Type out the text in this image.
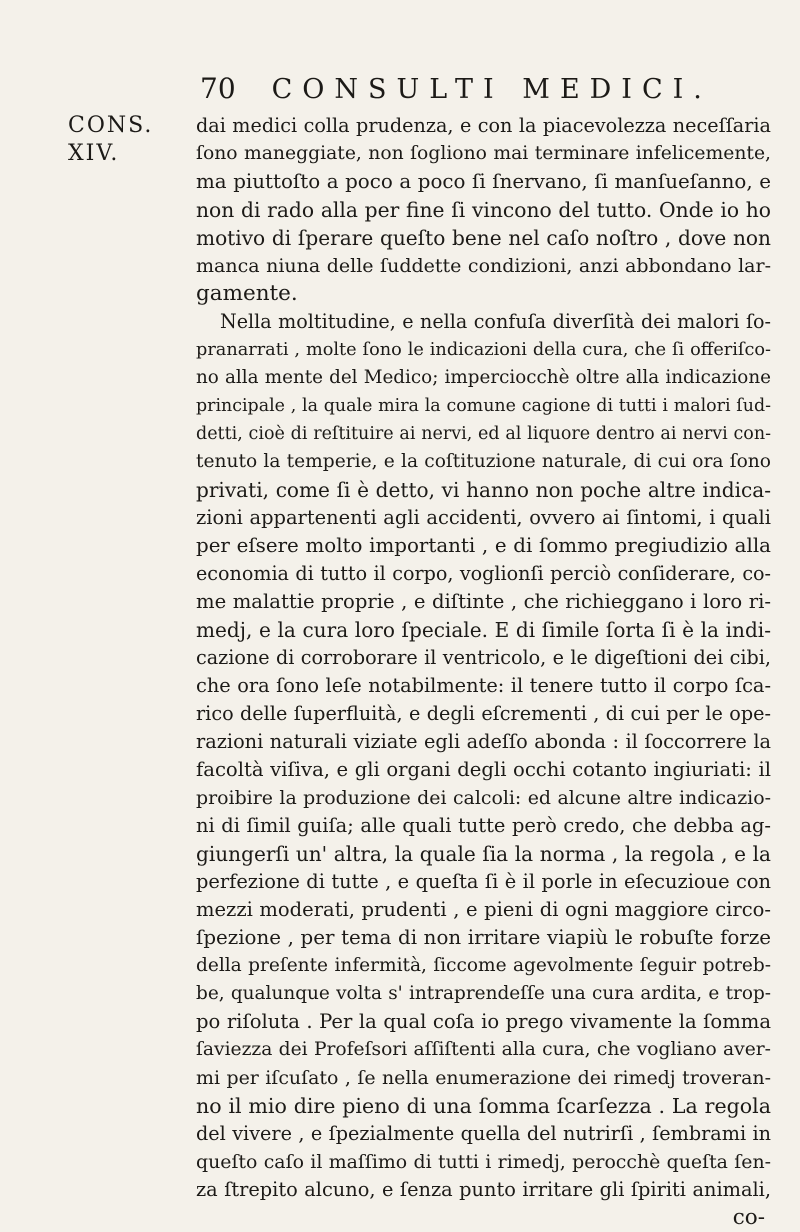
70 CONSULTI MEDICI.
CONS.
XIV.
dai medici colla prudenza, e con la piacevolezza neceſſaria
ſono maneggiate, non ſogliono mai terminare infelicemente,
ma piuttoſto a poco a poco ſi ſnervano, ſi manſueſanno, e
non di rado alla per fine ſi vincono del tutto. Onde io ho
motivo di ſperare queſto bene nel caſo noſtro , dove non
manca niuna delle ſuddette condizioni, anzi abbondano lar-
gamente.
Nella moltitudine, e nella confuſa diverſità dei malori ſo-
pranarrati , molte ſono le indicazioni della cura, che ſi offeriſco-
no alla mente del Medico; imperciocchè oltre alla indicazione
principale , la quale mira la comune cagione di tutti i malori ſud-
detti, cioè di reſtituire ai nervi, ed al liquore dentro ai nervi con-
tenuto la temperie, e la coſtituzione naturale, di cui ora ſono
privati, come ſi è detto, vi hanno non poche altre indica-
zioni appartenenti agli accidenti, ovvero ai ſintomi, i quali
per eſsere molto importanti , e di ſommo pregiudizio alla
economia di tutto il corpo, voglionſi perciò conſiderare, co-
me malattie proprie , e diſtinte , che richieggano i loro ri-
medj, e la cura loro ſpeciale. E di ſimile ſorta ſi è la indi-
cazione di corroborare il ventricolo, e le digeſtioni dei cibi,
che ora ſono leſe notabilmente: il tenere tutto il corpo ſca-
rico delle ſuperfluità, e degli eſcrementi , di cui per le ope-
razioni naturali viziate egli adeſſo abonda : il ſoccorrere la
facoltà viſiva, e gli organi degli occhi cotanto ingiuriati: il
proibire la produzione dei calcoli: ed alcune altre indicazio-
ni di ſimil guiſa; alle quali tutte però credo, che debba ag-
giungerſi un' altra, la quale ſia la norma , la regola , e la
perfezione di tutte , e queſta ſi è il porle in eſecuzioue con
mezzi moderati, prudenti , e pieni di ogni maggiore circo-
ſpezione , per tema di non irritare viapiù le robuſte forze
della preſente infermità, ſiccome agevolmente ſeguir potreb-
be, qualunque volta s' intraprendeſſe una cura ardita, e trop-
po riſoluta . Per la qual coſa io prego vivamente la ſomma
ſaviezza dei Profeſsori aſſiſtenti alla cura, che vogliano aver-
mi per iſcuſato , ſe nella enumerazione dei rimedj troveran-
no il mio dire pieno di una ſomma ſcarſezza . La regola
del vivere , e ſpezialmente quella del nutrirſi , ſembrami in
queſto caſo il maſſimo di tutti i rimedj, perocchè queſta ſen-
za ſtrepito alcuno, e ſenza punto irritare gli ſpiriti animali,
co-
